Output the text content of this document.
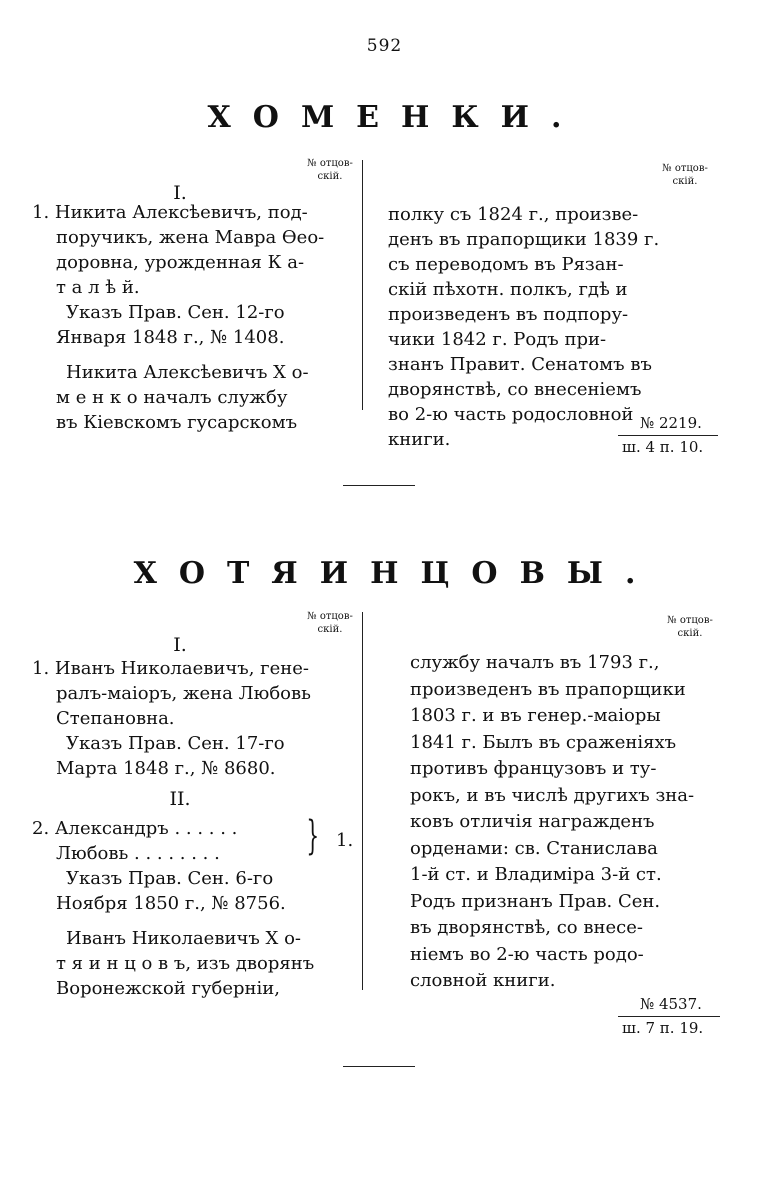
592
ХОМЕНКИ.
№ отцов-
скій.
№ отцов-
скій.
I.
1. Никита Алексѣевичъ, под-
поручикъ, жена Мавра Ѳео-
доровна, урожденная К а-
т а л ѣ й.
Указъ Прав. Сен. 12-го
Января 1848 г., № 1408.
Никита Алексѣевичъ Х о-
м е н к о началъ службу
въ Кіевскомъ гусарскомъ
полку съ 1824 г., произве-
денъ въ прапорщики 1839 г.
съ переводомъ въ Рязан-
скій пѣхотн. полкъ, гдѣ и
произведенъ въ подпору-
чики 1842 г. Родъ при-
знанъ Правит. Сенатомъ въ
дворянствѣ, со внесеніемъ
во 2-ю часть родословной
книги.
№ 2219.
ш. 4 п. 10.
ХОТЯИНЦОВЫ.
№ отцов-
скій.
№ отцов-
скій.
I.
1. Иванъ Николаевичъ, гене-
ралъ-маіоръ, жена Любовь
Степановна.
Указъ Прав. Сен. 17-го
Марта 1848 г., № 8680.
II.
2. Александръ . . . . . .
Любовь . . . . . . . .	} 1.
Указъ Прав. Сен. 6-го
Ноября 1850 г., № 8756.
Иванъ Николаевичъ Х о-
т я и н ц о в ъ, изъ дворянъ
Воронежской губерніи,
службу началъ въ 1793 г.,
произведенъ въ прапорщики
1803 г. и въ генер.-маіоры
1841 г. Былъ въ сраженіяхъ
противъ французовъ и ту-
рокъ, и въ числѣ другихъ зна-
ковъ отличія награжденъ
орденами: св. Станислава
1-й ст. и Владиміра 3-й ст.
Родъ признанъ Прав. Сен.
въ дворянствѣ, со внесе-
ніемъ во 2-ю часть родо-
словной книги.
№ 4537.
ш. 7 п. 19.
